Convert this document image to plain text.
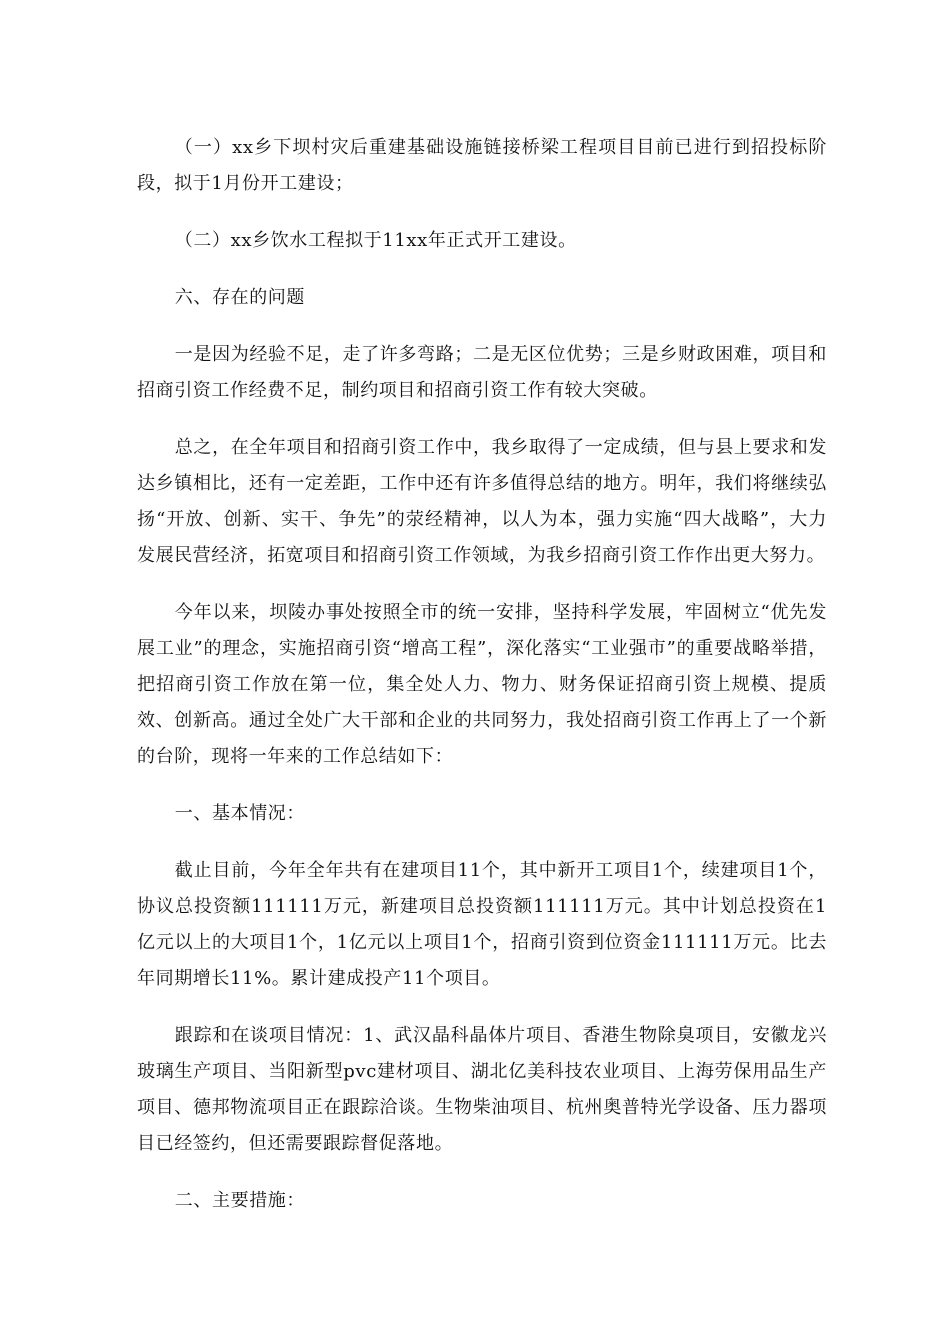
（一）xx乡下坝村灾后重建基础设施链接桥梁工程项目目前已进行到招投标阶段，拟于1月份开工建设；

（二）xx乡饮水工程拟于11xx年正式开工建设。

六、存在的问题

一是因为经验不足，走了许多弯路；二是无区位优势；三是乡财政困难，项目和招商引资工作经费不足，制约项目和招商引资工作有较大突破。

总之，在全年项目和招商引资工作中，我乡取得了一定成绩，但与县上要求和发达乡镇相比，还有一定差距，工作中还有许多值得总结的地方。明年，我们将继续弘扬“开放、创新、实干、争先”的荥经精神，以人为本，强力实施“四大战略”，大力发展民营经济，拓宽项目和招商引资工作领域，为我乡招商引资工作作出更大努力。

今年以来，坝陵办事处按照全市的统一安排，坚持科学发展，牢固树立“优先发展工业”的理念，实施招商引资“增高工程”，深化落实“工业强市”的重要战略举措，把招商引资工作放在第一位，集全处人力、物力、财务保证招商引资上规模、提质效、创新高。通过全处广大干部和企业的共同努力，我处招商引资工作再上了一个新的台阶，现将一年来的工作总结如下：

一、基本情况：

截止目前，今年全年共有在建项目11个，其中新开工项目1个，续建项目1个，协议总投资额111111万元，新建项目总投资额111111万元。其中计划总投资在1亿元以上的大项目1个，1亿元以上项目1个，招商引资到位资金111111万元。比去年同期增长11%。累计建成投产11个项目。

跟踪和在谈项目情况：1、武汉晶科晶体片项目、香港生物除臭项目，安徽龙兴玻璃生产项目、当阳新型pvc建材项目、湖北亿美科技农业项目、上海劳保用品生产项目、德邦物流项目正在跟踪洽谈。生物柴油项目、杭州奥普特光学设备、压力器项目已经签约，但还需要跟踪督促落地。

二、主要措施：
